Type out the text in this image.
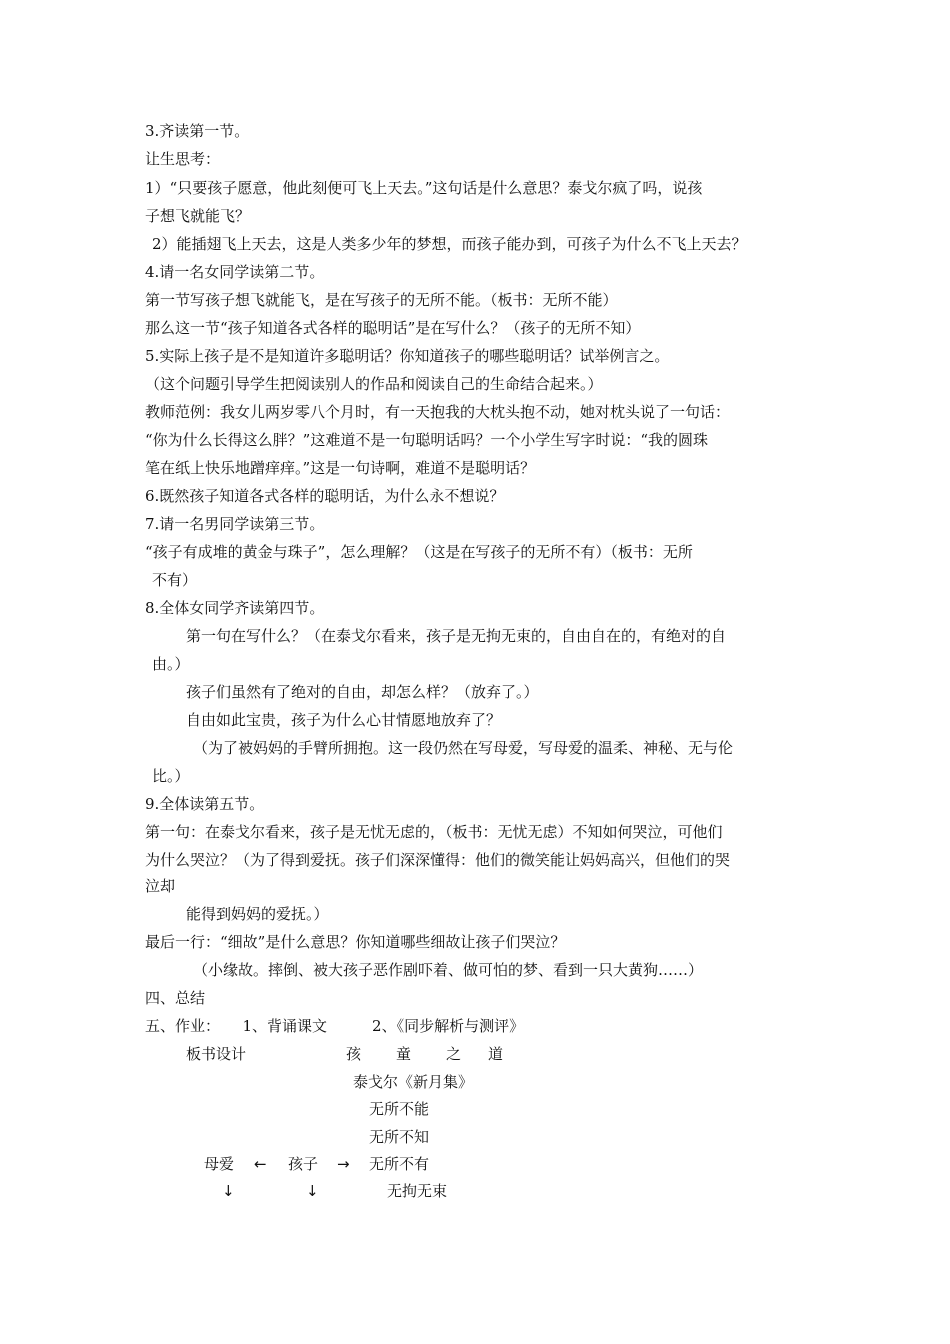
3.齐读第一节。
让生思考：
1）“只要孩子愿意，他此刻便可飞上天去。”这句话是什么意思？泰戈尔疯了吗，说孩
子想飞就能飞？
2）能插翅飞上天去，这是人类多少年的梦想，而孩子能办到，可孩子为什么不飞上天去？
4.请一名女同学读第二节。
第一节写孩子想飞就能飞，是在写孩子的无所不能。（板书：无所不能）
那么这一节“孩子知道各式各样的聪明话”是在写什么？（孩子的无所不知）
5.实际上孩子是不是知道许多聪明话？你知道孩子的哪些聪明话？试举例言之。
（这个问题引导学生把阅读别人的作品和阅读自己的生命结合起来。）
教师范例：我女儿两岁零八个月时，有一天抱我的大枕头抱不动，她对枕头说了一句话：
“你为什么长得这么胖？”这难道不是一句聪明话吗？一个小学生写字时说：“我的圆珠
笔在纸上快乐地蹭痒痒。”这是一句诗啊，难道不是聪明话？
6.既然孩子知道各式各样的聪明话，为什么永不想说？
7.请一名男同学读第三节。
“孩子有成堆的黄金与珠子”，怎么理解？（这是在写孩子的无所不有）（板书：无所
不有）
8.全体女同学齐读第四节。
第一句在写什么？（在泰戈尔看来，孩子是无拘无束的，自由自在的，有绝对的自
由。）
孩子们虽然有了绝对的自由，却怎么样？（放弃了。）
自由如此宝贵，孩子为什么心甘情愿地放弃了？
（为了被妈妈的手臂所拥抱。这一段仍然在写母爱，写母爱的温柔、神秘、无与伦
比。）
9.全体读第五节。
第一句：在泰戈尔看来，孩子是无忧无虑的，（板书：无忧无虑）不知如何哭泣，可他们
为什么哭泣？（为了得到爱抚。孩子们深深懂得：他们的微笑能让妈妈高兴，但他们的哭
泣却
能得到妈妈的爱抚。）
最后一行：“细故”是什么意思？你知道哪些细故让孩子们哭泣？
（小缘故。摔倒、被大孩子恶作剧吓着、做可怕的梦、看到一只大黄狗……）
四、总结
五、作业：　　1、背诵课文　　　2、《同步解析与测评》
板书设计	孩 童 之 道
泰戈尔《新月集》
无所不能
无所不知
母爱 ← 孩子 → 无所不有
↓	↓	无拘无束
